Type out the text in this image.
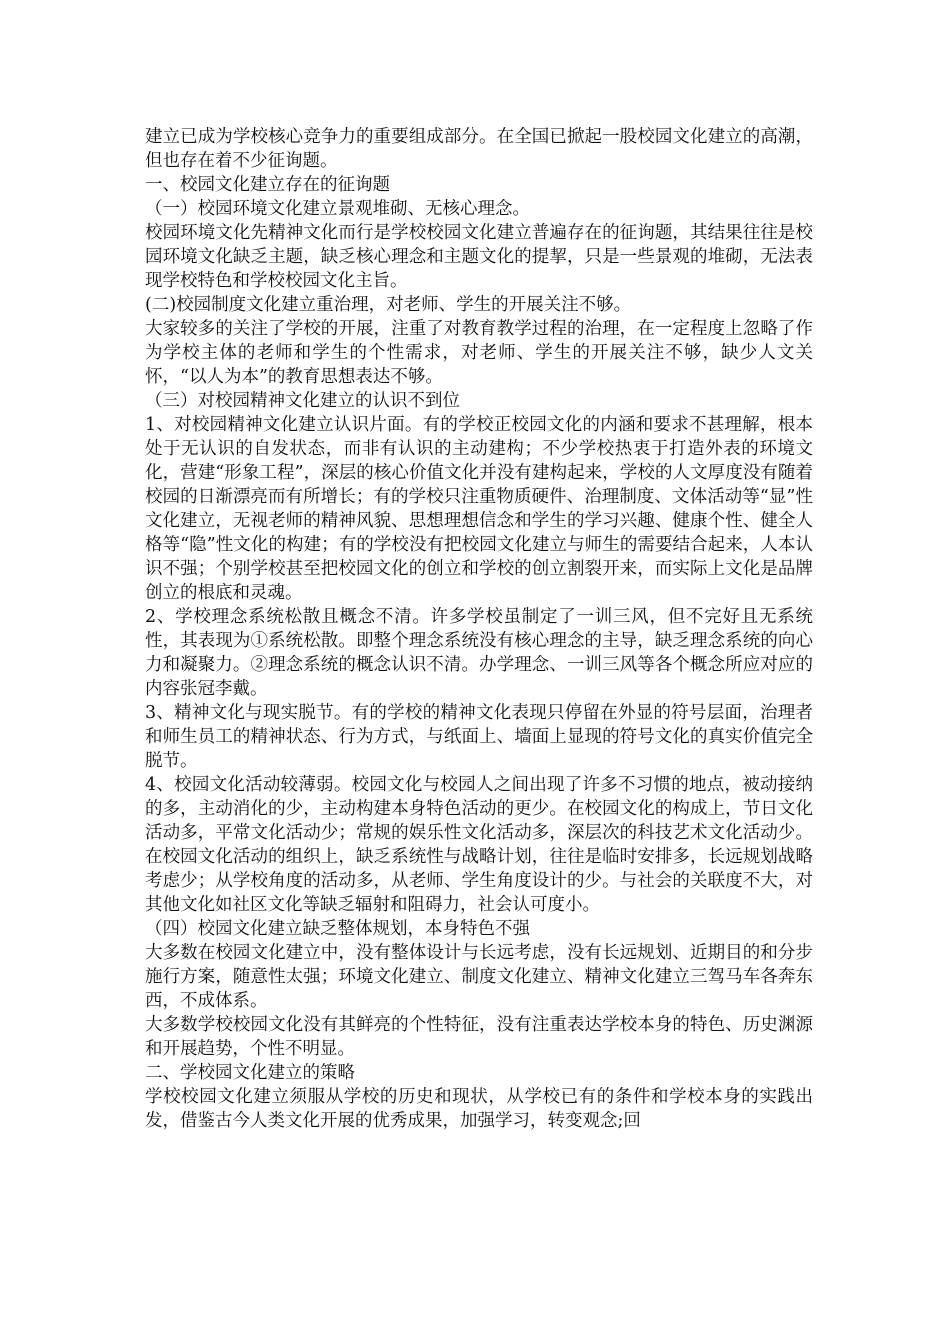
建立已成为学校核心竞争力的重要组成部分。在全国已掀起一股校园文化建立的高潮，但也存在着不少征询题。

一、校园文化建立存在的征询题

（一）校园环境文化建立景观堆砌、无核心理念。

校园环境文化先精神文化而行是学校校园文化建立普遍存在的征询题，其结果往往是校园环境文化缺乏主题，缺乏核心理念和主题文化的提挈，只是一些景观的堆砌，无法表现学校特色和学校校园文化主旨。

(二)校园制度文化建立重治理，对老师、学生的开展关注不够。

大家较多的关注了学校的开展，注重了对教育教学过程的治理，在一定程度上忽略了作为学校主体的老师和学生的个性需求，对老师、学生的开展关注不够，缺少人文关怀，“以人为本”的教育思想表达不够。

（三）对校园精神文化建立的认识不到位

1、对校园精神文化建立认识片面。有的学校正校园文化的内涵和要求不甚理解，根本处于无认识的自发状态，而非有认识的主动建构；不少学校热衷于打造外表的环境文化，营建“形象工程”，深层的核心价值文化并没有建构起来，学校的人文厚度没有随着校园的日渐漂亮而有所增长；有的学校只注重物质硬件、治理制度、文体活动等“显”性文化建立，无视老师的精神风貌、思想理想信念和学生的学习兴趣、健康个性、健全人格等“隐”性文化的构建；有的学校没有把校园文化建立与师生的需要结合起来，人本认识不强；个别学校甚至把校园文化的创立和学校的创立割裂开来，而实际上文化是品牌创立的根底和灵魂。

2、学校理念系统松散且概念不清。许多学校虽制定了一训三风，但不完好且无系统性，其表现为①系统松散。即整个理念系统没有核心理念的主导，缺乏理念系统的向心力和凝聚力。②理念系统的概念认识不清。办学理念、一训三风等各个概念所应对应的内容张冠李戴。

3、精神文化与现实脱节。有的学校的精神文化表现只停留在外显的符号层面，治理者和师生员工的精神状态、行为方式，与纸面上、墙面上显现的符号文化的真实价值完全脱节。

4、校园文化活动较薄弱。校园文化与校园人之间出现了许多不习惯的地点，被动接纳的多，主动消化的少，主动构建本身特色活动的更少。在校园文化的构成上，节日文化活动多，平常文化活动少；常规的娱乐性文化活动多，深层次的科技艺术文化活动少。在校园文化活动的组织上，缺乏系统性与战略计划，往往是临时安排多，长远规划战略考虑少；从学校角度的活动多，从老师、学生角度设计的少。与社会的关联度不大，对其他文化如社区文化等缺乏辐射和阻碍力，社会认可度小。

（四）校园文化建立缺乏整体规划，本身特色不强

大多数在校园文化建立中，没有整体设计与长远考虑，没有长远规划、近期目的和分步施行方案，随意性太强；环境文化建立、制度文化建立、精神文化建立三驾马车各奔东西，不成体系。

大多数学校校园文化没有其鲜亮的个性特征，没有注重表达学校本身的特色、历史渊源和开展趋势，个性不明显。

二、学校园文化建立的策略

学校校园文化建立须服从学校的历史和现状，从学校已有的条件和学校本身的实践出发，借鉴古今人类文化开展的优秀成果，加强学习，转变观念;回
